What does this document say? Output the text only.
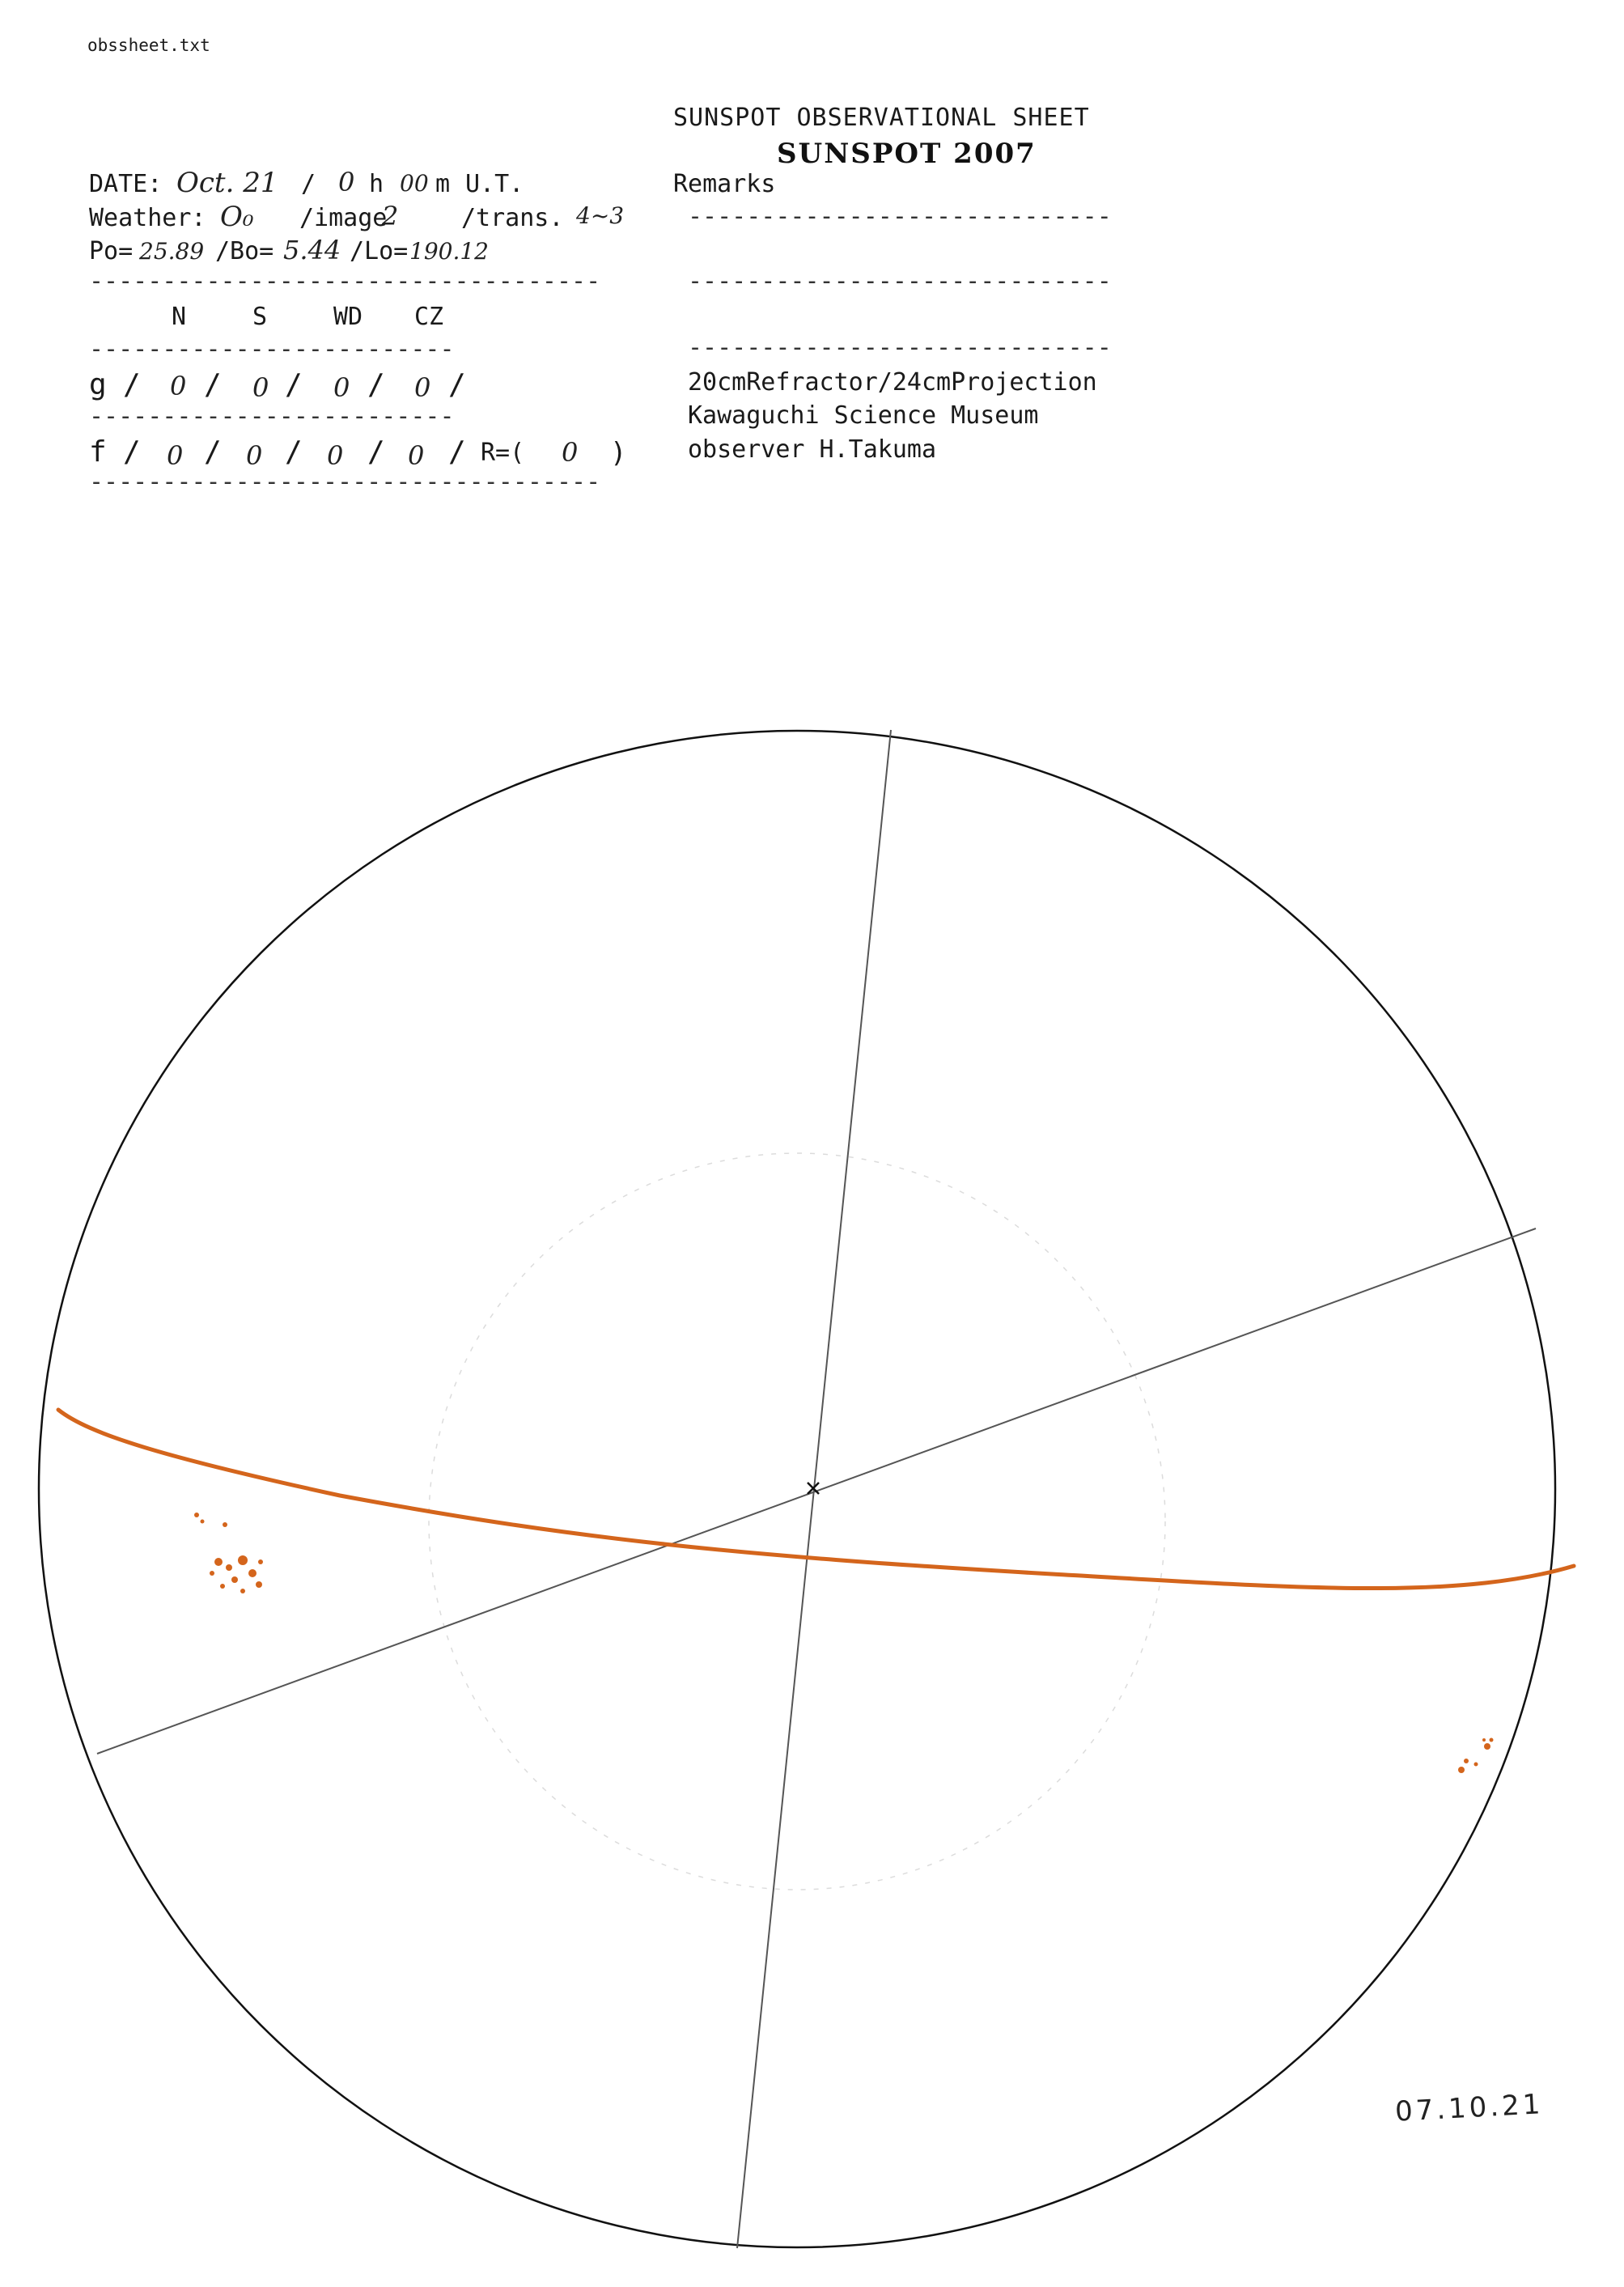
obssheet.txt
SUNSPOT OBSERVATIONAL SHEET
SUNSPOT 2007
DATE: Oct. 21 / 0 h 00 m U.T.
Weather: O₀ /image
2	/trans. 4~3
Po= 25.89 /Bo= 5.44 /Lo= 190.12
-----------------------------------
N	S	WD CZ
-------------------------
g / 0 / 0 / 0 / 0 /
-------------------------
f / 0 / 0 / 0 / 0 / R=( 0 )
-----------------------------------
Remarks
-----------------------------
-----------------------------
-----------------------------
20cmRefractor/24cmProjection
Kawaguchi Science Museum
observer H.Takuma
07.10.21
